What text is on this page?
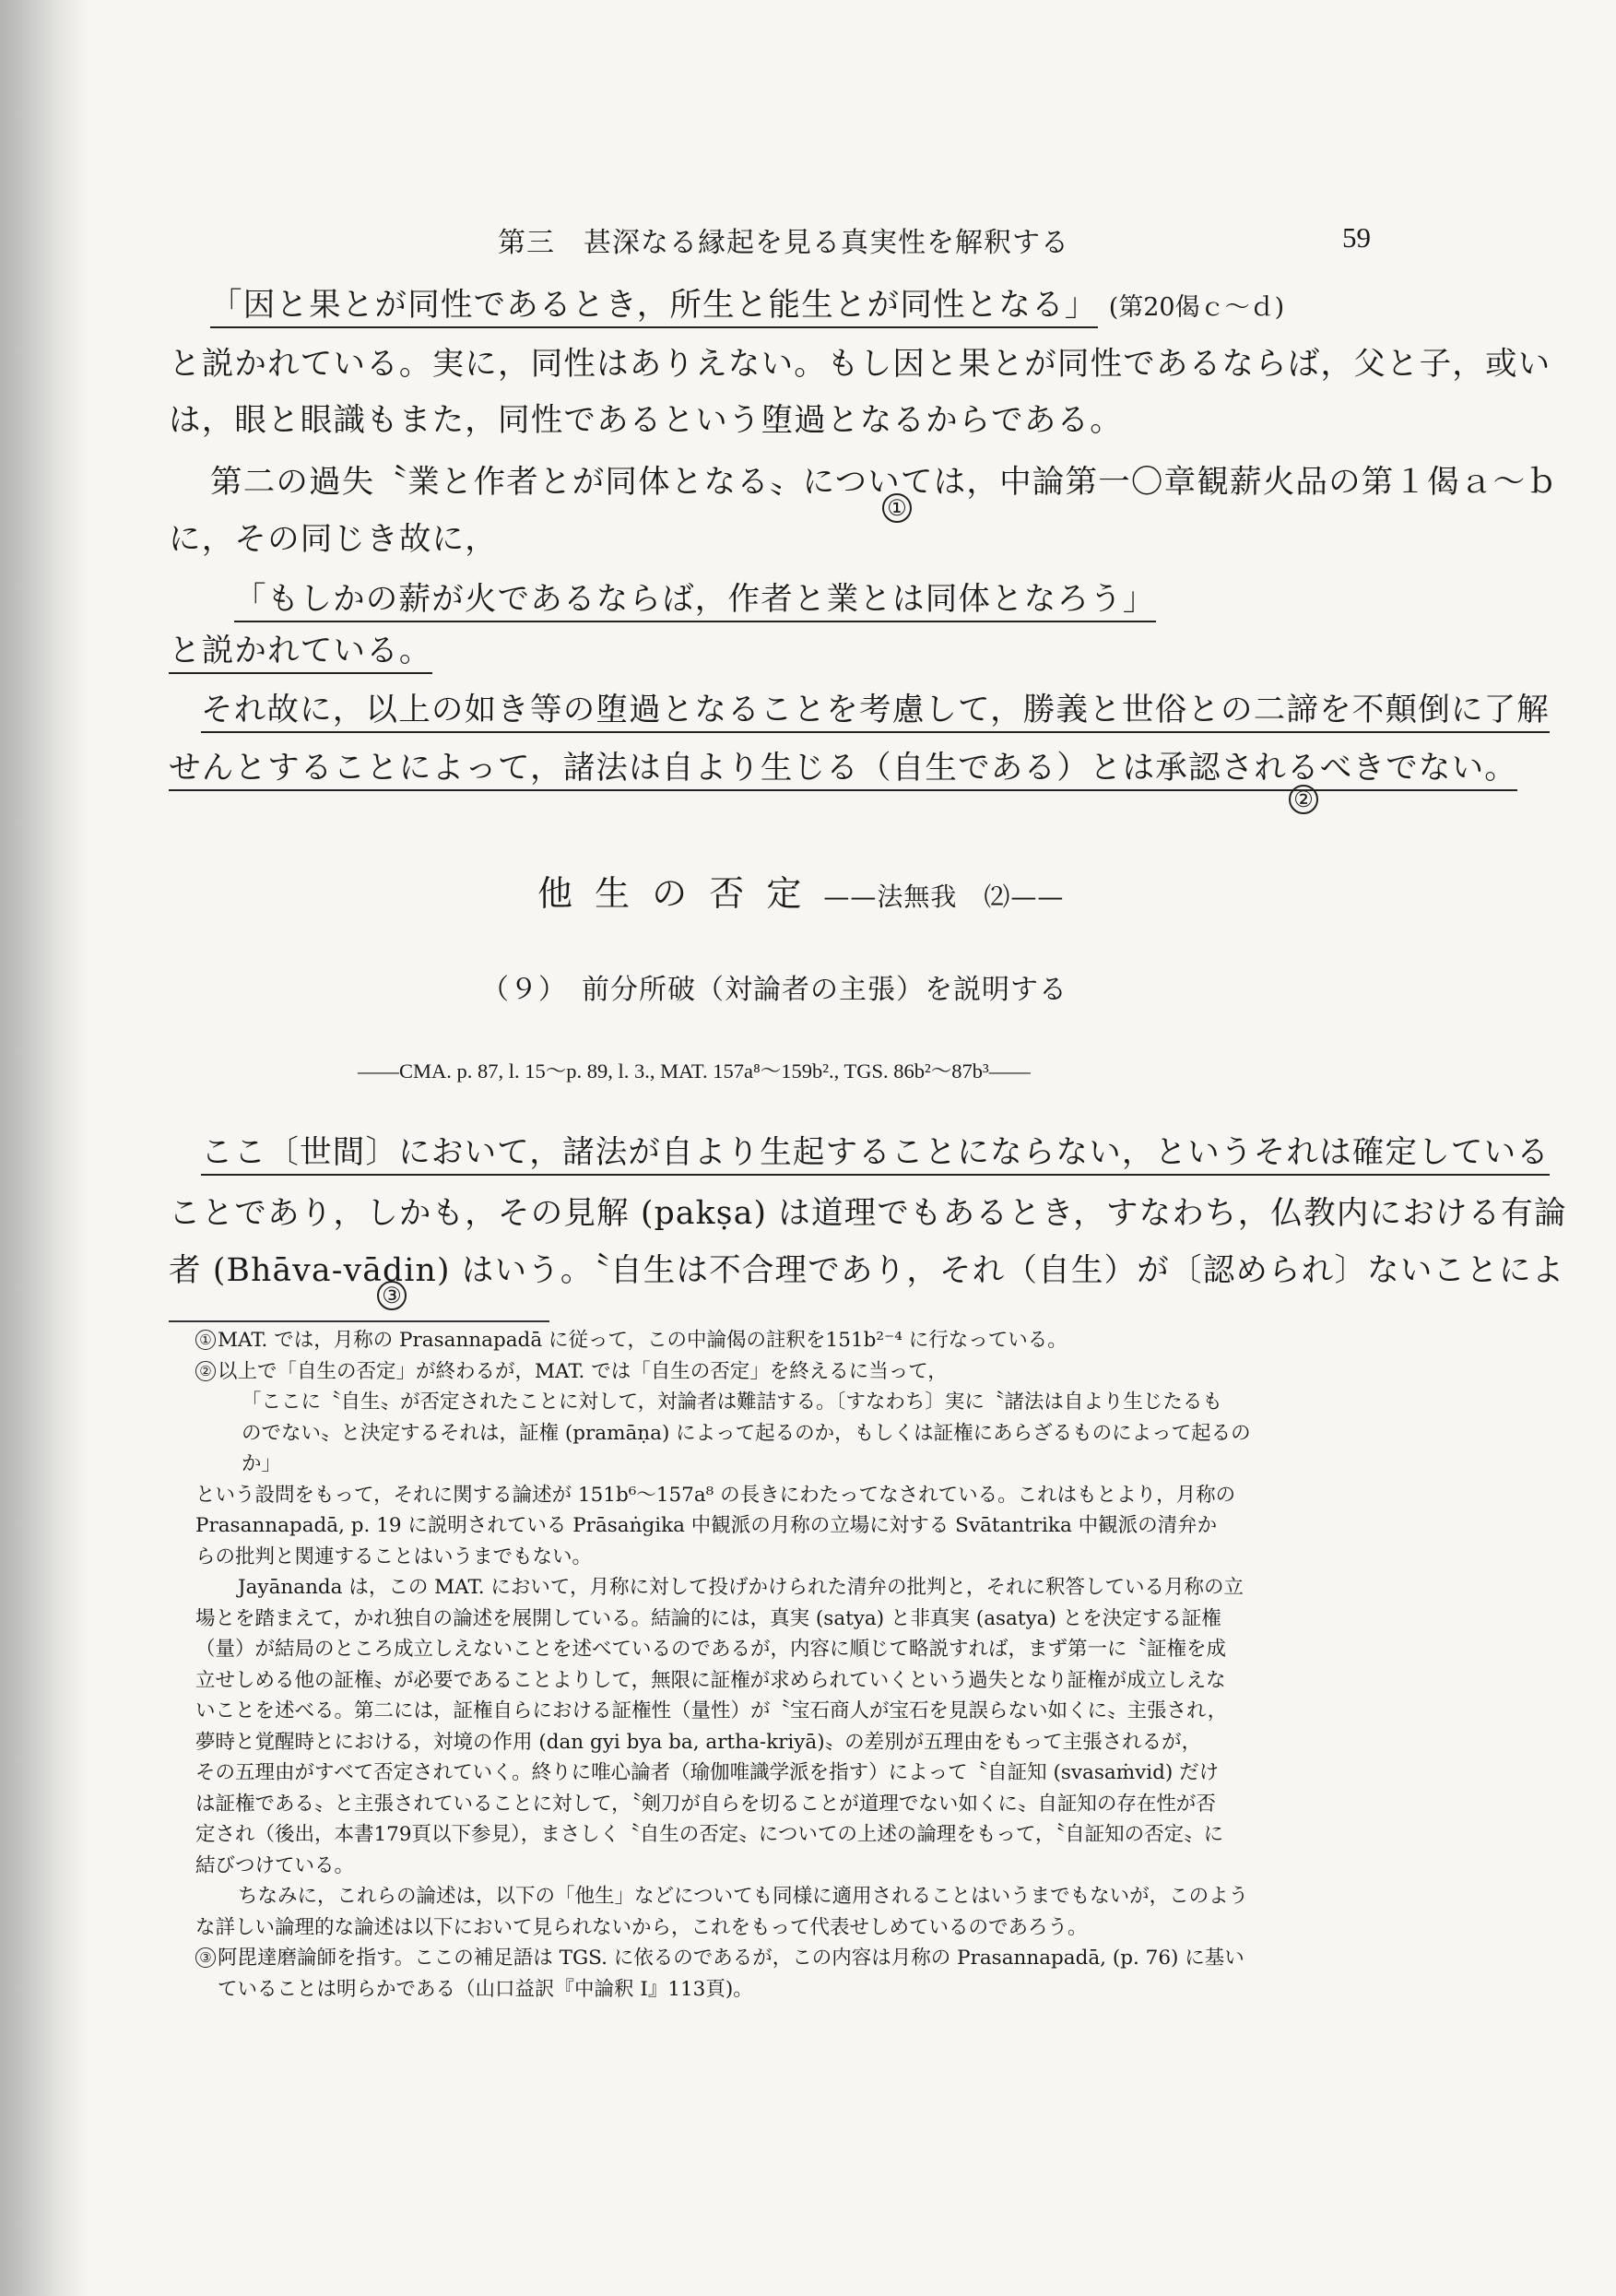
第三　甚深なる縁起を見る真実性を解釈する	59
「因と果とが同性であるとき，所生と能生とが同性となる」 (第20偈ｃ～ｄ)
と説かれている。実に，同性はありえない。もし因と果とが同性であるならば，父と子，或い
は，眼と眼識もまた，同性であるという堕過となるからである。
第二の過失〝業と作者とが同体となる〟については，中論第一〇章観薪火品の第１偈ａ～ｂ
①
に，その同じき故に，
「もしかの薪が火であるならば，作者と業とは同体となろう」
と説かれている。
それ故に，以上の如き等の堕過となることを考慮して，勝義と世俗との二諦を不顛倒に了解
せんとすることによって，諸法は自より生じる（自生である）とは承認されるべきでない。
②
他 生 の 否 定 ——法無我　⑵——
（９）　前分所破（対論者の主張）を説明する
——CMA. p. 87, l. 15～p. 89, l. 3., MAT. 157a⁸～159b²., TGS. 86b²～87b³——
ここ〔世間〕において，諸法が自より生起することにならない，というそれは確定している
ことであり，しかも，その見解 (pakṣa) は道理でもあるとき，すなわち，仏教内における有論
者 (Bhāva-vādin) はいう。〝自生は不合理であり，それ（自生）が〔認められ〕ないことによ
③

① MAT. では，月称の Prasannapadā に従って，この中論偈の註釈を151b²⁻⁴ に行なっている。

② 以上で「自生の否定」が終わるが，MAT. では「自生の否定」を終えるに当って，

「ここに〝自生〟が否定されたことに対して，対論者は難詰する。〔すなわち〕実に〝諸法は自より生じたるも

のでない〟と決定するそれは，証権 (pramāṇa) によって起るのか，もしくは証権にあらざるものによって起るの

か」

という設問をもって，それに関する論述が 151b⁶～157a⁸ の長きにわたってなされている。これはもとより，月称の

Prasannapadā, p. 19 に説明されている Prāsaṅgika 中観派の月称の立場に対する Svātantrika 中観派の清弁か

らの批判と関連することはいうまでもない。

Jayānanda は，この MAT. において，月称に対して投げかけられた清弁の批判と，それに釈答している月称の立

場とを踏まえて，かれ独自の論述を展開している。結論的には，真実 (satya) と非真実 (asatya) とを決定する証権

（量）が結局のところ成立しえないことを述べているのであるが，内容に順じて略説すれば，まず第一に〝証権を成

立せしめる他の証権〟が必要であることよりして，無限に証権が求められていくという過失となり証権が成立しえな

いことを述べる。第二には，証権自らにおける証権性（量性）が〝宝石商人が宝石を見誤らない如くに〟主張され，

夢時と覚醒時とにおける，対境の作用 (dan gyi bya ba, artha-kriyā)〟の差別が五理由をもって主張されるが，

その五理由がすべて否定されていく。終りに唯心論者（瑜伽唯識学派を指す）によって〝自証知 (svasaṁvid) だけ

は証権である〟と主張されていることに対して，〝剣刀が自らを切ることが道理でない如くに〟自証知の存在性が否

定され（後出，本書179頁以下参見），まさしく〝自生の否定〟についての上述の論理をもって，〝自証知の否定〟に

結びつけている。

ちなみに，これらの論述は，以下の「他生」などについても同様に適用されることはいうまでもないが，このよう

な詳しい論理的な論述は以下において見られないから，これをもって代表せしめているのであろう。

③ 阿毘達磨論師を指す。ここの補足語は TGS. に依るのであるが，この内容は月称の Prasannapadā, (p. 76) に基い

ていることは明らかである（山口益訳『中論釈 Ⅰ』113頁)。
